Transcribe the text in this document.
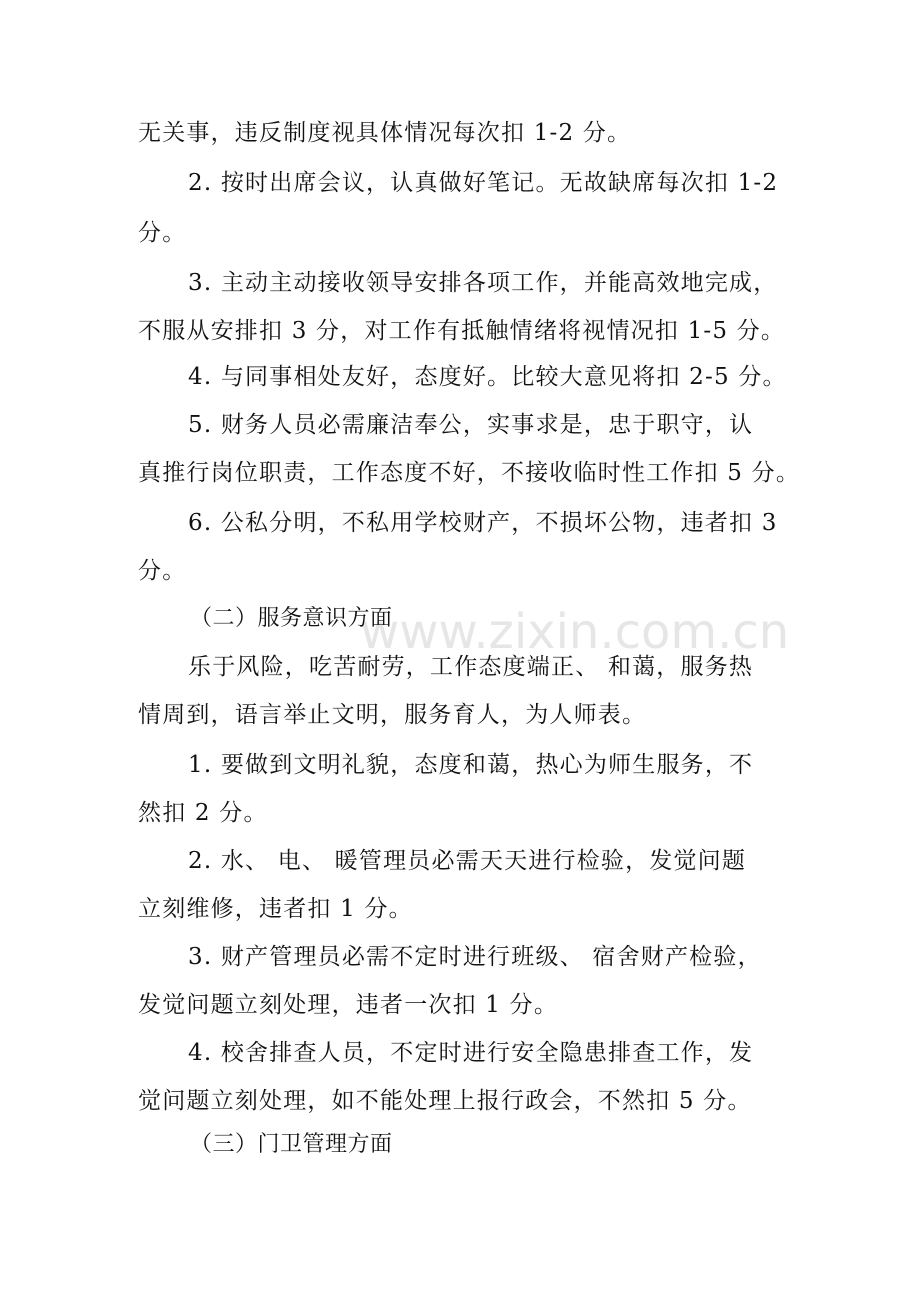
www.zixin.com.cn
无关事，违反制度视具体情况每次扣 1-2 分。
2. 按时出席会议，认真做好笔记。无故缺席每次扣 1-2
分。
3. 主动主动接收领导安排各项工作，并能高效地完成，
不服从安排扣 3 分，对工作有抵触情绪将视情况扣 1-5 分。
4. 与同事相处友好，态度好。比较大意见将扣 2-5 分。
5. 财务人员必需廉洁奉公，实事求是，忠于职守，认
真推行岗位职责，工作态度不好，不接收临时性工作扣 5 分。
6. 公私分明，不私用学校财产，不损坏公物，违者扣 3
分。
（二）服务意识方面
乐于风险，吃苦耐劳，工作态度端正、 和蔼，服务热
情周到，语言举止文明，服务育人，为人师表。
1. 要做到文明礼貌，态度和蔼，热心为师生服务，不
然扣 2 分。
2. 水、 电、 暖管理员必需天天进行检验，发觉问题
立刻维修，违者扣 1 分。
3. 财产管理员必需不定时进行班级、 宿舍财产检验，
发觉问题立刻处理，违者一次扣 1 分。
4. 校舍排查人员，不定时进行安全隐患排查工作，发
觉问题立刻处理，如不能处理上报行政会，不然扣 5 分。
（三）门卫管理方面
